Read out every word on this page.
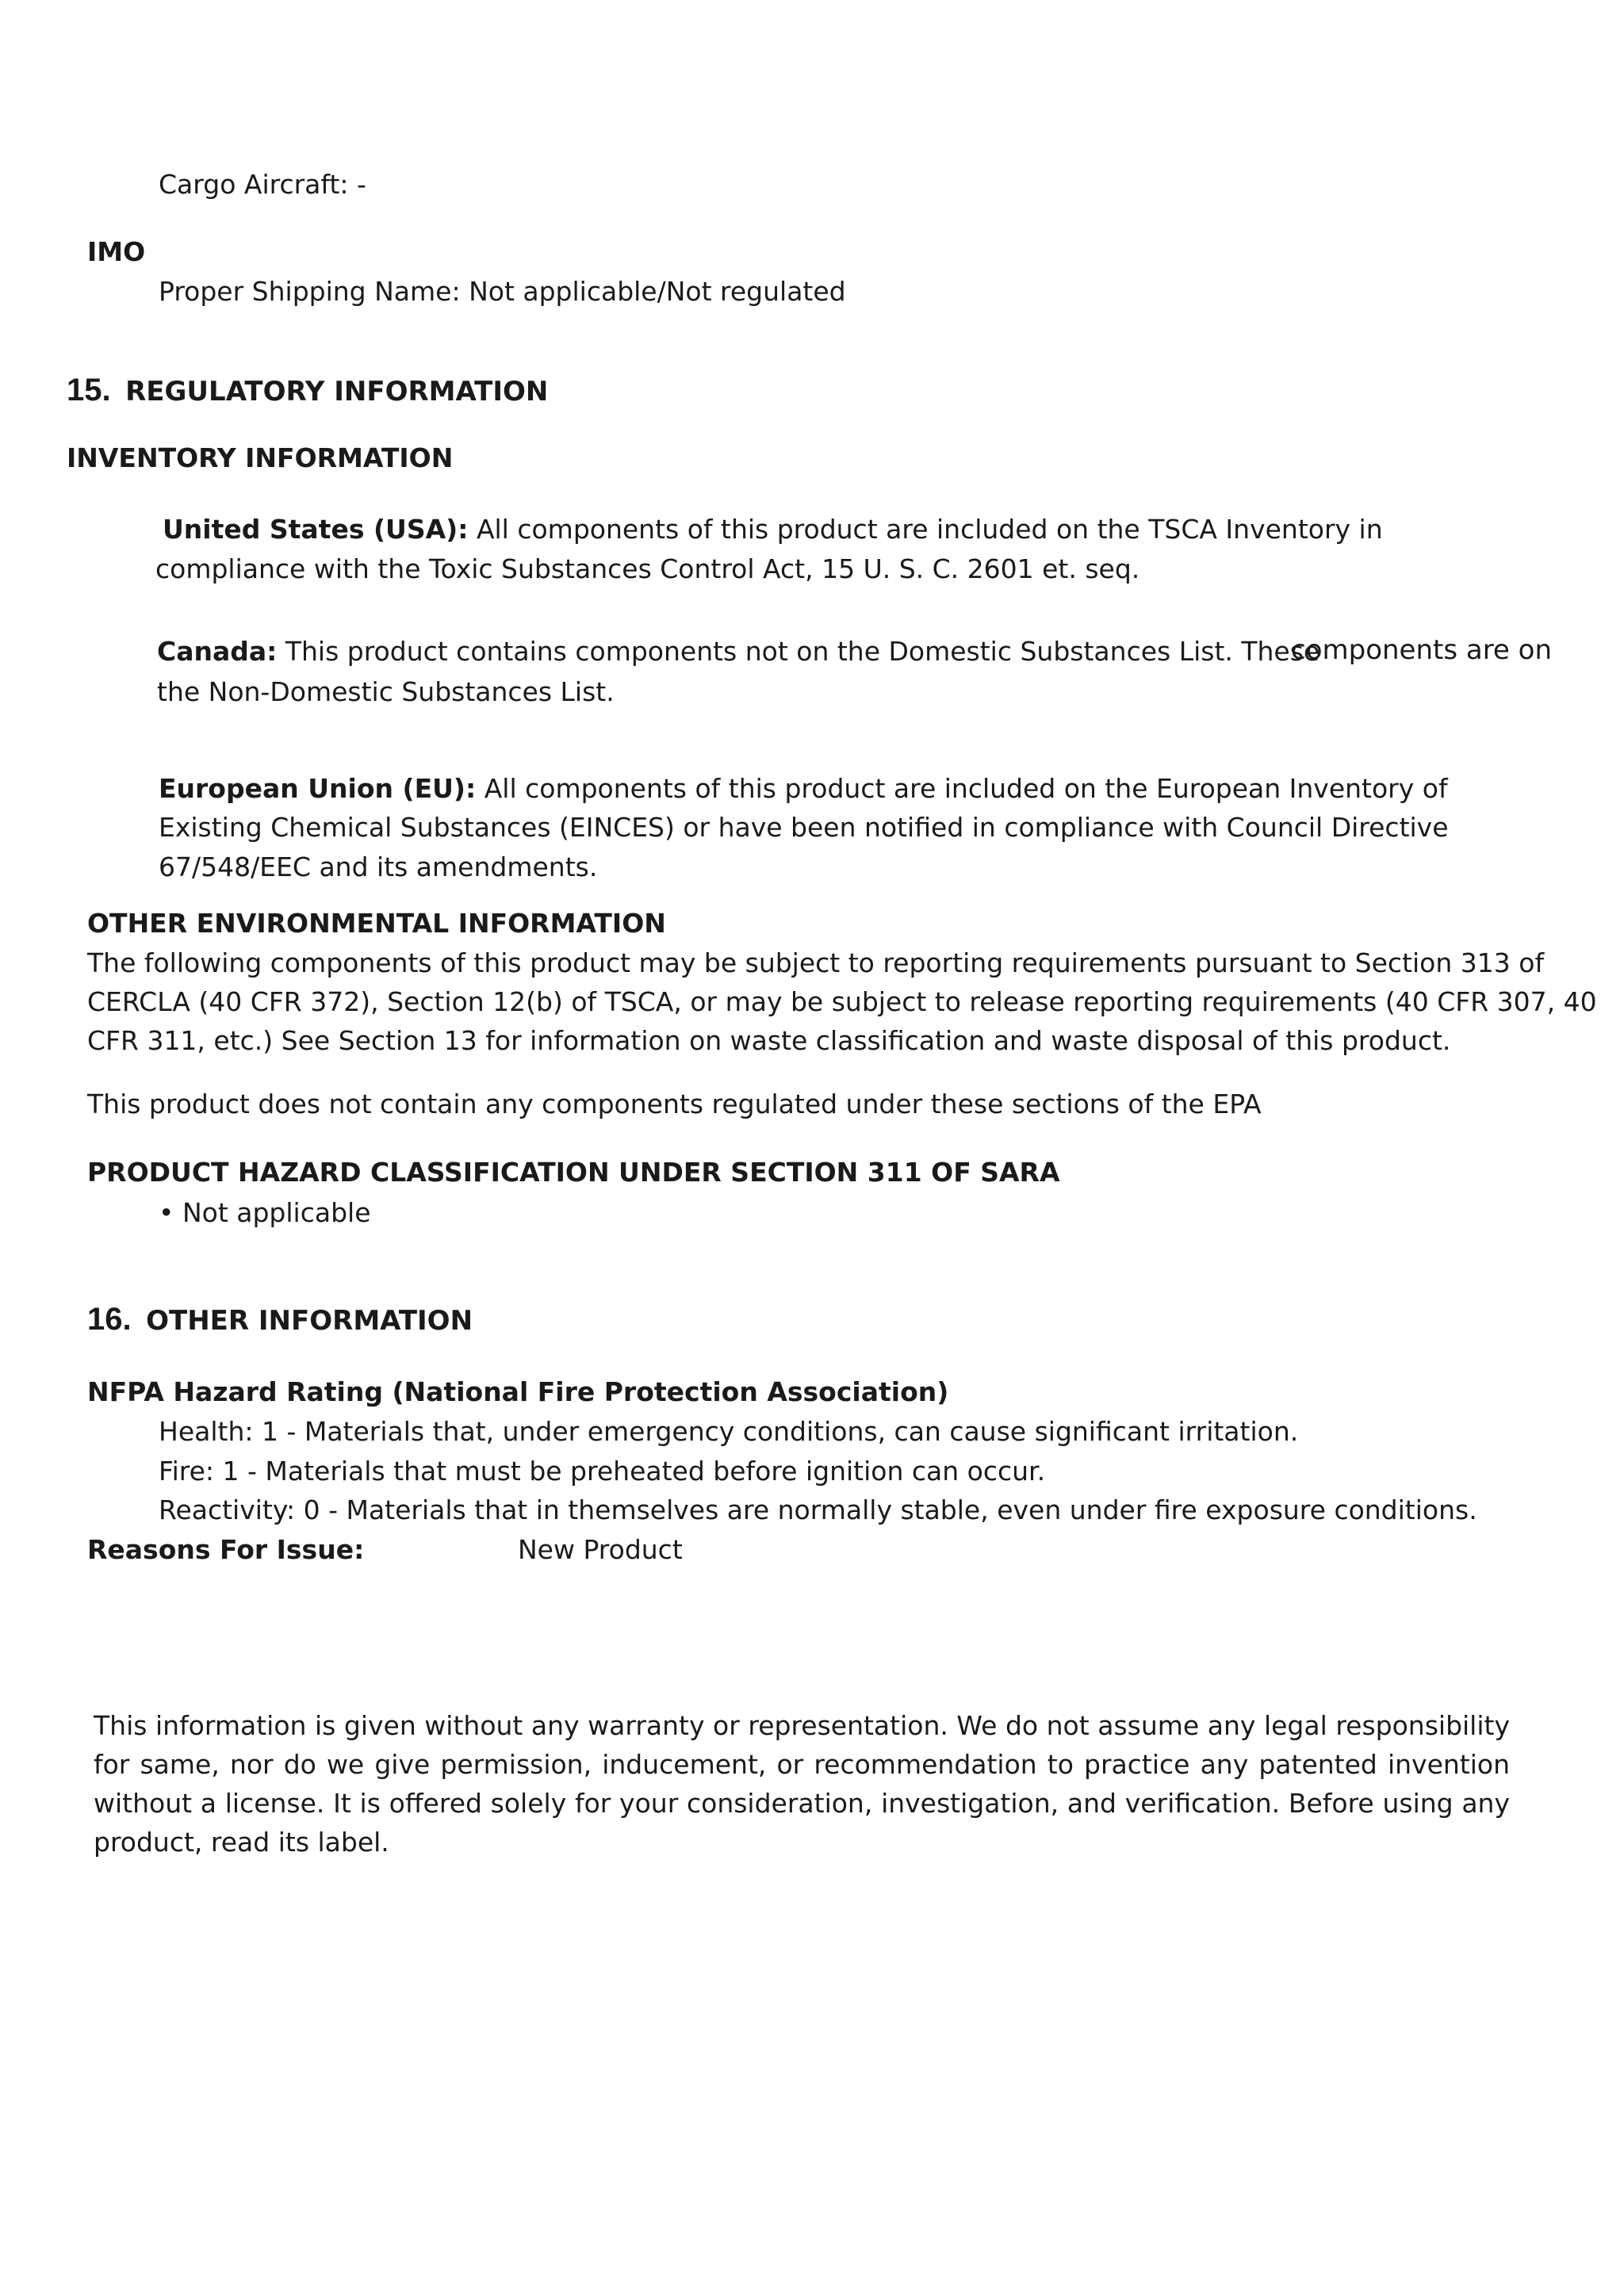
Cargo Aircraft: -
IMO
Proper Shipping Name: Not applicable/Not regulated
15. REGULATORY INFORMATION
INVENTORY INFORMATION
United States (USA): All components of this product are included on the TSCA Inventory in
compliance with the Toxic Substances Control Act, 15 U. S. C. 2601 et. seq.
Canada: This product contains components not on the Domestic Substances List. These
components are on
the Non-Domestic Substances List.
European Union (EU): All components of this product are included on the European Inventory of
Existing Chemical Substances (EINCES) or have been notified in compliance with Council Directive
67/548/EEC and its amendments.
OTHER ENVIRONMENTAL INFORMATION
The following components of this product may be subject to reporting requirements pursuant to Section 313 of
CERCLA (40 CFR 372), Section 12(b) of TSCA, or may be subject to release reporting requirements (40 CFR 307, 40
CFR 311, etc.) See Section 13 for information on waste classification and waste disposal of this product.
This product does not contain any components regulated under these sections of the EPA
PRODUCT HAZARD CLASSIFICATION UNDER SECTION 311 OF SARA
• Not applicable
16. OTHER INFORMATION
NFPA Hazard Rating (National Fire Protection Association)
Health: 1 - Materials that, under emergency conditions, can cause significant irritation.
Fire: 1 - Materials that must be preheated before ignition can occur.
Reactivity: 0 - Materials that in themselves are normally stable, even under fire exposure conditions.
Reasons For Issue:	New Product
This information is given without any warranty or representation. We do not assume any legal responsibility for same, nor do we give permission, inducement, or recommendation to practice any patented invention without a license. It is offered solely for your consideration, investigation, and verification. Before using any product, read its label.
